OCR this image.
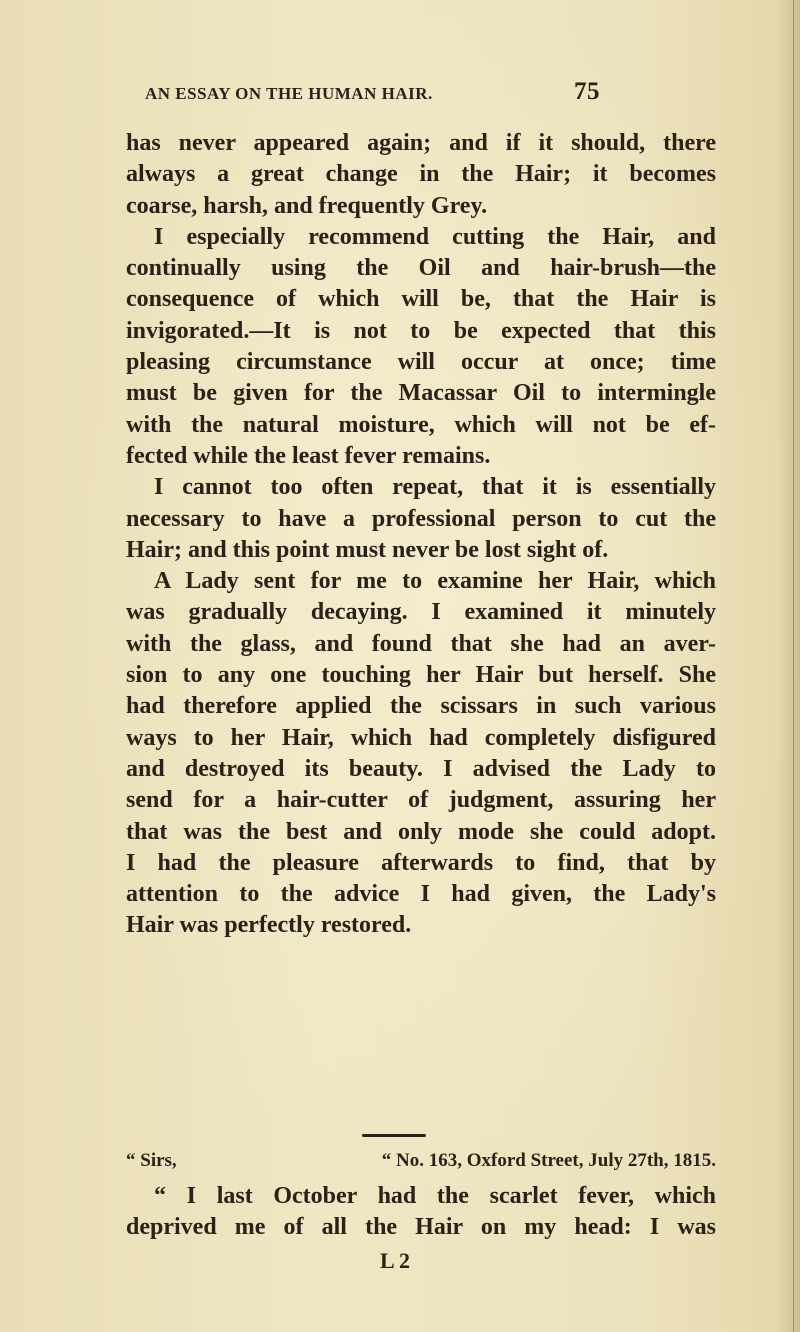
AN ESSAY ON THE HUMAN HAIR.	75
has never appeared again; and if it should, there
always a great change in the Hair; it becomes
coarse, harsh, and frequently Grey.
I especially recommend cutting the Hair, and
continually using the Oil and hair-brush—the
consequence of which will be, that the Hair is
invigorated.—It is not to be expected that this
pleasing circumstance will occur at once; time
must be given for the Macassar Oil to intermingle
with the natural moisture, which will not be ef-
fected while the least fever remains.
I cannot too often repeat, that it is essentially
necessary to have a professional person to cut the
Hair; and this point must never be lost sight of.
A Lady sent for me to examine her Hair, which
was gradually decaying. I examined it minutely
with the glass, and found that she had an aver-
sion to any one touching her Hair but herself. She
had therefore applied the scissars in such various
ways to her Hair, which had completely disfigured
and destroyed its beauty. I advised the Lady to
send for a hair-cutter of judgment, assuring her
that was the best and only mode she could adopt.
I had the pleasure afterwards to find, that by
attention to the advice I had given, the Lady's
Hair was perfectly restored.
“ Sirs,	“ No. 163, Oxford Street, July 27th, 1815.
“ I last October had the scarlet fever, which
deprived me of all the Hair on my head: I was
L 2
